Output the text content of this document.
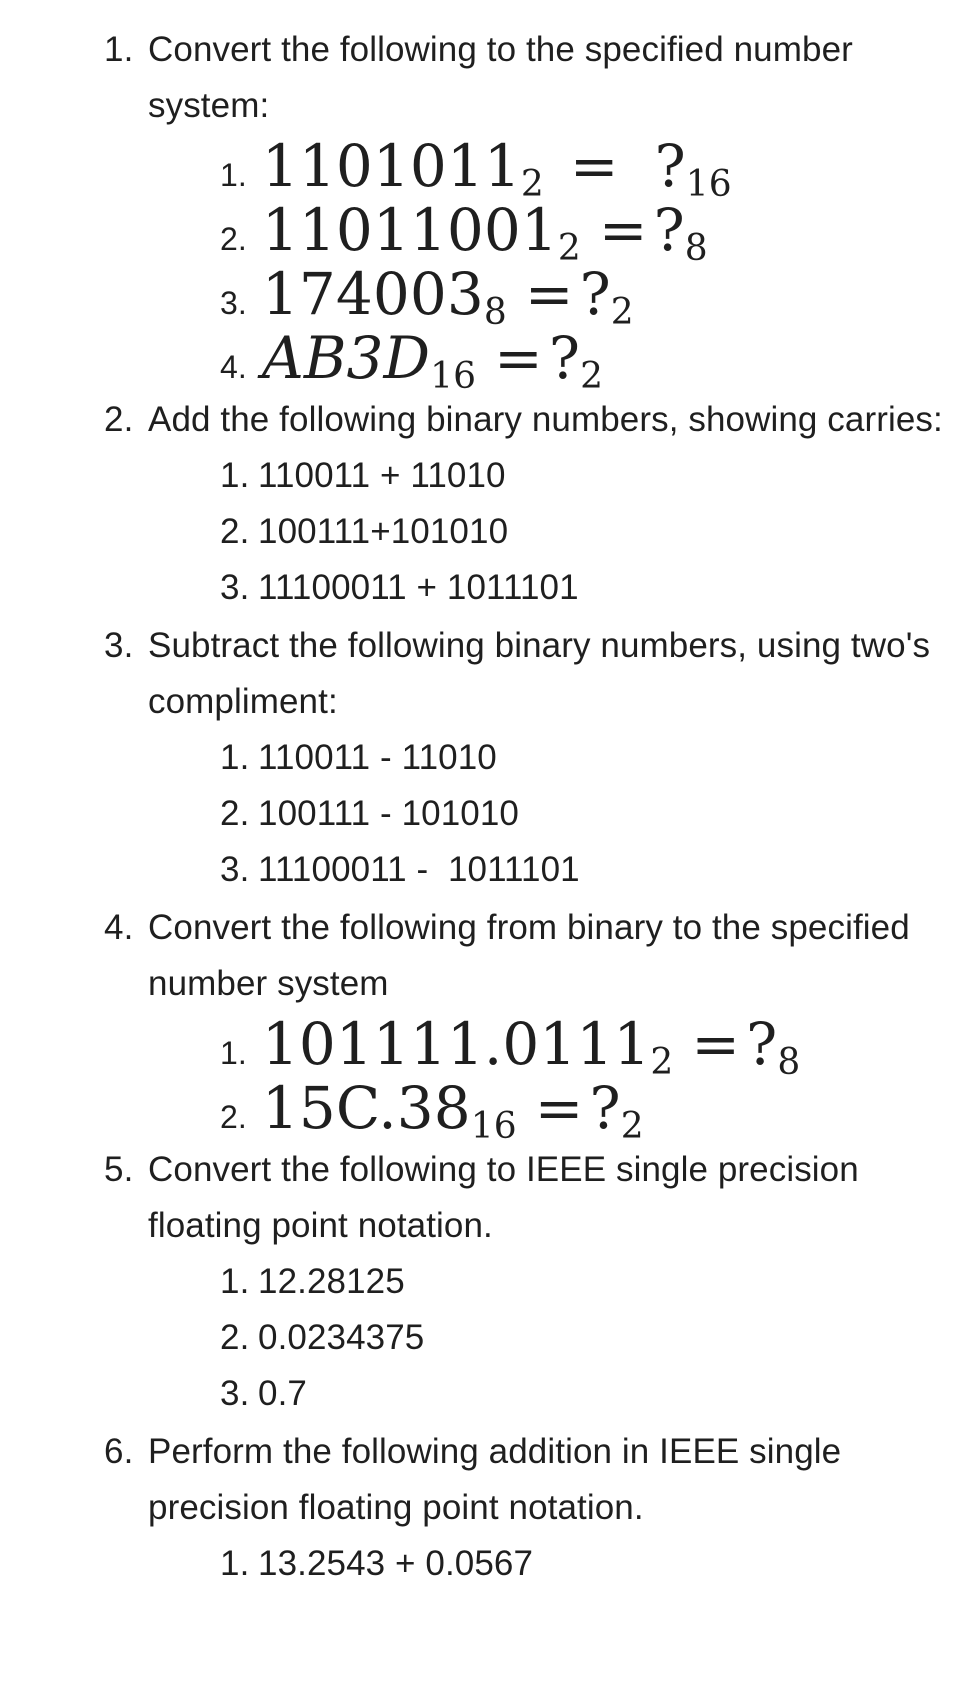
1. Convert the following to the specified number system:
1. $1101011_2$ = $?_{16}$
2. $11011001_2$ = $?_8$
3. $174003_8$ = $?_2$
4. $AB3D_{16}$ = $?_2$
2. Add the following binary numbers, showing carries:
1. 110011 + 11010
2. 100111+101010
3. 11100011 + 1011101
3. Subtract the following binary numbers, using two's compliment:
1. 110011 - 11010
2. 100111 - 101010
3. 11100011 -  1011101
4. Convert the following from binary to the specified number system
1. $101111.0111_2$ = $?_8$
2. $15C.38_{16}$ = $?_2$
5. Convert the following to IEEE single precision floating point notation.
1. 12.28125
2. 0.0234375
3. 0.7
6. Perform the following addition in IEEE single precision floating point notation.
1. 13.2543 + 0.0567
